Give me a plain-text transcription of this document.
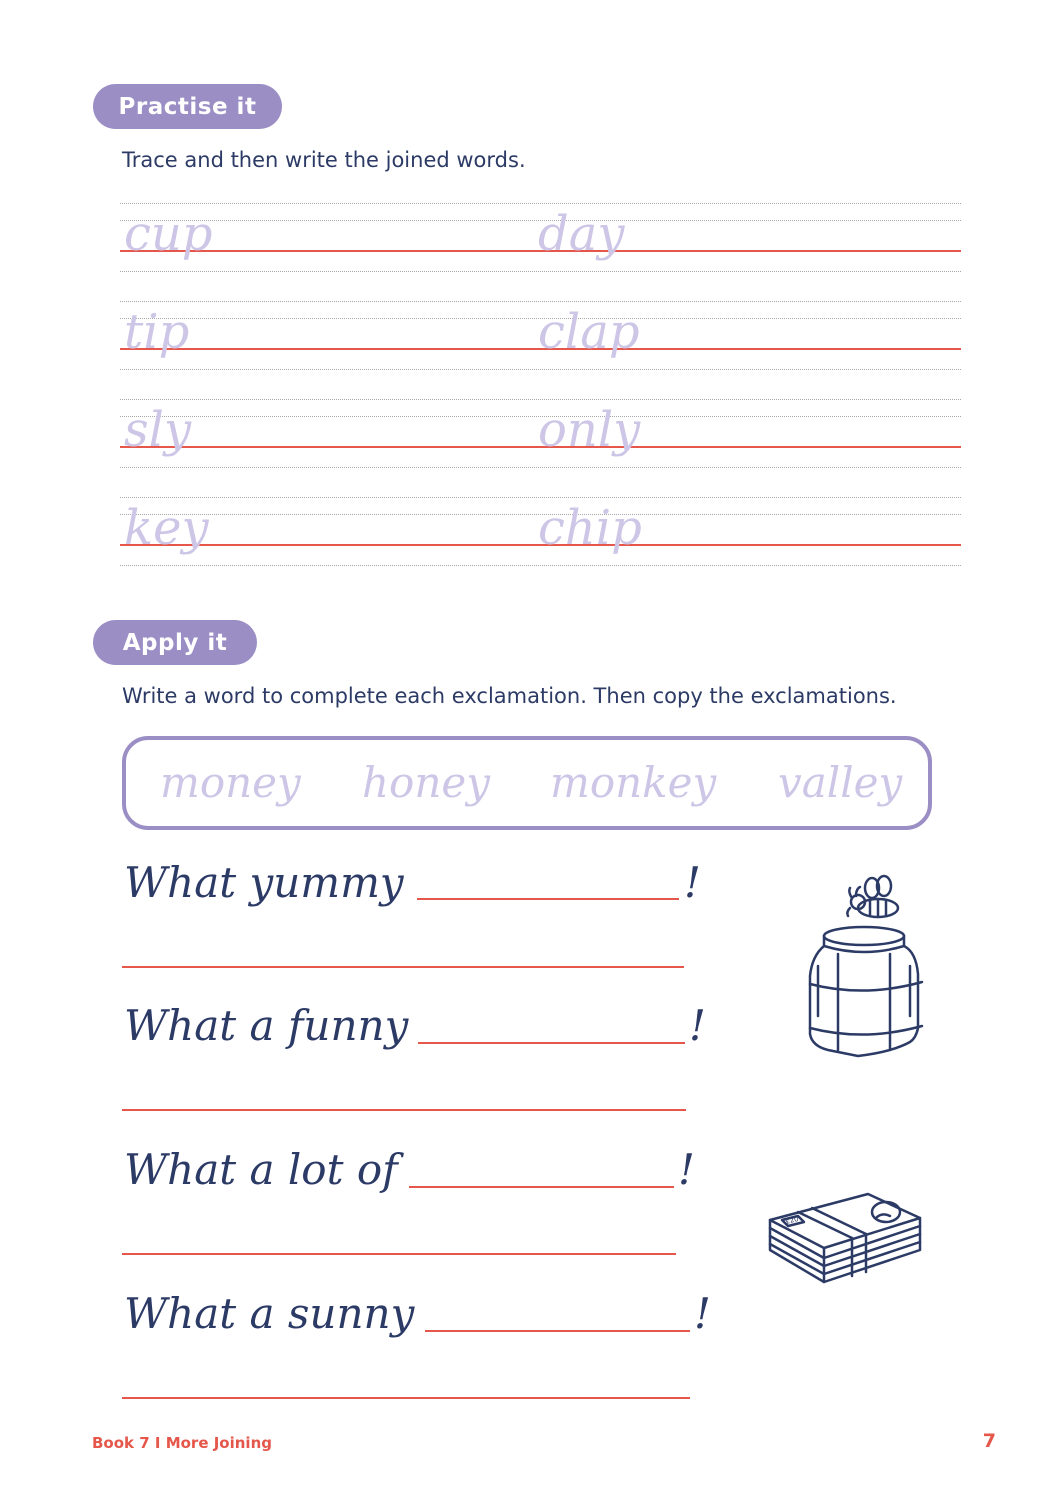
Practise it
Trace and then write the joined words.
cup	day
tip	clap
sly	only
key	chip
Apply it
Write a word to complete each exclamation. Then copy the exclamations.
money honey monkey valley
What yummy	!
What a funny	!
What a lot of	!
What a sunny	!
£20
Book 7 I More Joining	7
